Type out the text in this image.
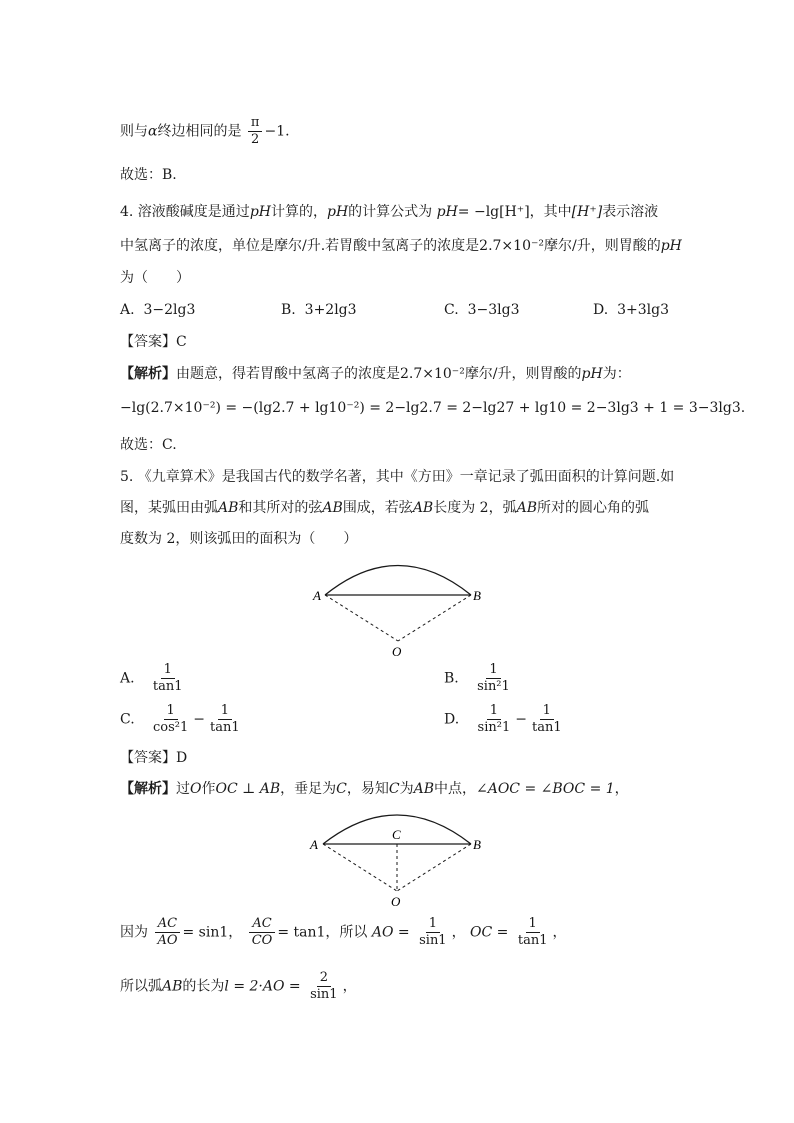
则与α终边相同的是 $\frac{\pi}{2} -1$.
故选：B.
4. 溶液酸碱度是通过pH计算的，pH的计算公式为 pH= −lg[H⁺]，其中[H⁺]表示溶液
中氢离子的浓度，单位是摩尔/升.若胃酸中氢离子的浓度是2.7×10⁻²摩尔/升，则胃酸的pH
为（　　）
A. 3−2lg3	B. 3+2lg3	C. 3−3lg3	D. 3+3lg3
【答案】C
【解析】由题意，得若胃酸中氢离子的浓度是2.7×10⁻²摩尔/升，则胃酸的pH为：
−lg(2.7×10⁻²) = −(lg2.7 + lg10⁻²) = 2−lg2.7 = 2−lg27 + lg10 = 2−3lg3 + 1 = 3−3lg3.
故选：C.
5. 《九章算术》是我国古代的数学名著，其中《方田》一章记录了弧田面积的计算问题.如
图，某弧田由弧AB和其所对的弦AB围成，若弦AB长度为 2，弧AB所对的圆心角的弧
度数为 2，则该弧田的面积为（　　）
A	B
O
A. $\frac{1}{\tan 1}$	B. $\frac{1}{\text{sin²1}}$
C. $\frac{1}{\text{cos²1}} - \frac{1}{\tan 1}$	D. $\frac{1}{\text{sin²1}} - \frac{1}{\tan 1}$
【答案】D
【解析】过O作OC ⊥ AB，垂足为C，易知C为AB中点，∠AOC = ∠BOC = 1，
A	B
C
O
因为 $\frac{AC}{AO} = \sin 1$， $\frac{AC}{CO} = \tan 1$，所以 AO = $\frac{1}{\sin 1}$ ， OC = $\frac{1}{\tan 1}$ ，
所以弧AB的长为$l = 2\cdot AO = \frac{2}{\sin 1}$ ，
